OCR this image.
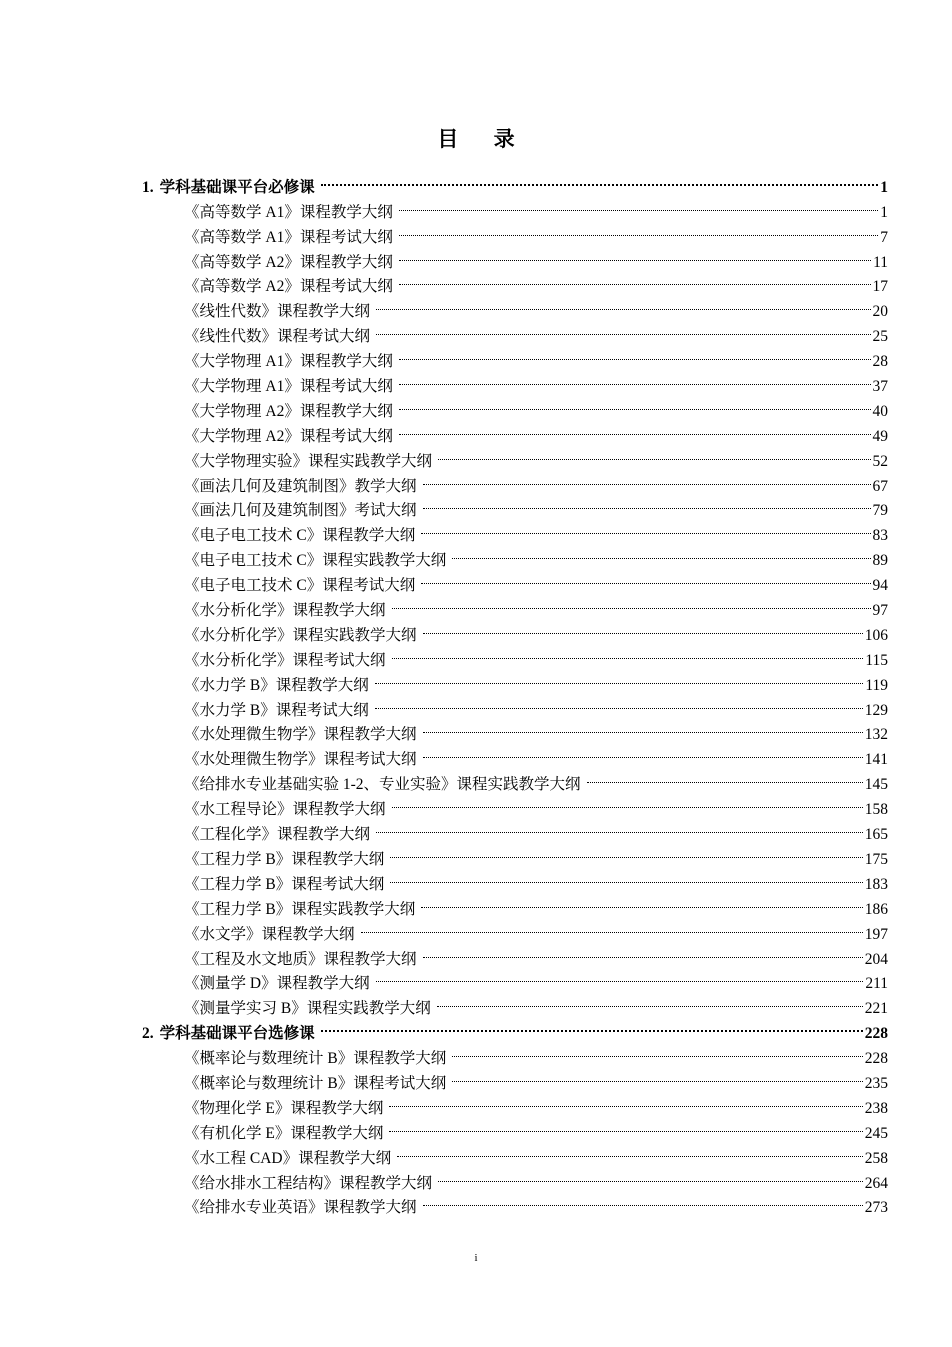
目 录
1. 学科基础课平台必修课	1
《高等数学 A1》课程教学大纲	1
《高等数学 A1》课程考试大纲	7
《高等数学 A2》课程教学大纲	11
《高等数学 A2》课程考试大纲	17
《线性代数》课程教学大纲	20
《线性代数》课程考试大纲	25
《大学物理 A1》课程教学大纲	28
《大学物理 A1》课程考试大纲	37
《大学物理 A2》课程教学大纲	40
《大学物理 A2》课程考试大纲	49
《大学物理实验》课程实践教学大纲	52
《画法几何及建筑制图》教学大纲	67
《画法几何及建筑制图》考试大纲	79
《电子电工技术 C》课程教学大纲	83
《电子电工技术 C》课程实践教学大纲	89
《电子电工技术 C》课程考试大纲	94
《水分析化学》课程教学大纲	97
《水分析化学》课程实践教学大纲	106
《水分析化学》课程考试大纲	115
《水力学 B》课程教学大纲	119
《水力学 B》课程考试大纲	129
《水处理微生物学》课程教学大纲	132
《水处理微生物学》课程考试大纲	141
《给排水专业基础实验 1-2、专业实验》课程实践教学大纲	145
《水工程导论》课程教学大纲	158
《工程化学》课程教学大纲	165
《工程力学 B》课程教学大纲	175
《工程力学 B》课程考试大纲	183
《工程力学 B》课程实践教学大纲	186
《水文学》课程教学大纲	197
《工程及水文地质》课程教学大纲	204
《测量学 D》课程教学大纲	211
《测量学实习 B》课程实践教学大纲	221
2. 学科基础课平台选修课	228
《概率论与数理统计 B》课程教学大纲	228
《概率论与数理统计 B》课程考试大纲	235
《物理化学 E》课程教学大纲	238
《有机化学 E》课程教学大纲	245
《水工程 CAD》课程教学大纲	258
《给水排水工程结构》课程教学大纲	264
《给排水专业英语》课程教学大纲	273
i
